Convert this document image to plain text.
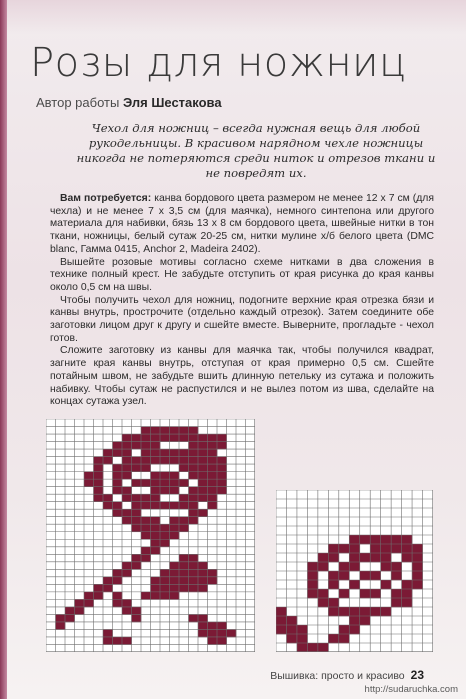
Розы для ножниц
Автор работы Эля Шестакова
Чехол для ножниц – всегда нужная вещь для любой рукодельницы. В красивом нарядном чехле ножницы никогда не потеряются среди ниток и отрезов ткани и не повредят их.

Вам потребуется: канва бордового цвета размером не менее 12 х 7 см (для чехла) и не менее 7 х 3,5 см (для маячка), немного синтепона или другого материала для набивки, бязь 13 х 8 см бордового цвета, швейные нитки в тон ткани, ножницы, белый сутаж 20-25 см, нитки мулине х/б белого цвета (DMC blanc, Гамма 0415, Anchor 2, Madeira 2402).

Вышейте розовые мотивы согласно схеме нитками в два сложения в технике полный крест. Не забудьте отступить от края рисунка до края канвы около 0,5 см на швы.

Чтобы получить чехол для ножниц, подогните верхние края отрезка бязи и канвы внутрь, прострочите (отдельно каждый отрезок). Затем соедините обе заготовки лицом друг к другу и сшейте вместе. Выверните, прогладьте - чехол готов.

Сложите заготовку из канвы для маячка так, чтобы получился квадрат, загните края канвы внутрь, отступая от края примерно 0,5 см. Сшейте потайным швом, не забудьте вшить длинную петельку из сутажа и положить набивку. Чтобы сутаж не распустился и не вылез потом из шва, сделайте на концах сутажа узел.

Вышивка: просто и красиво 23
http://sudaruchka.com
